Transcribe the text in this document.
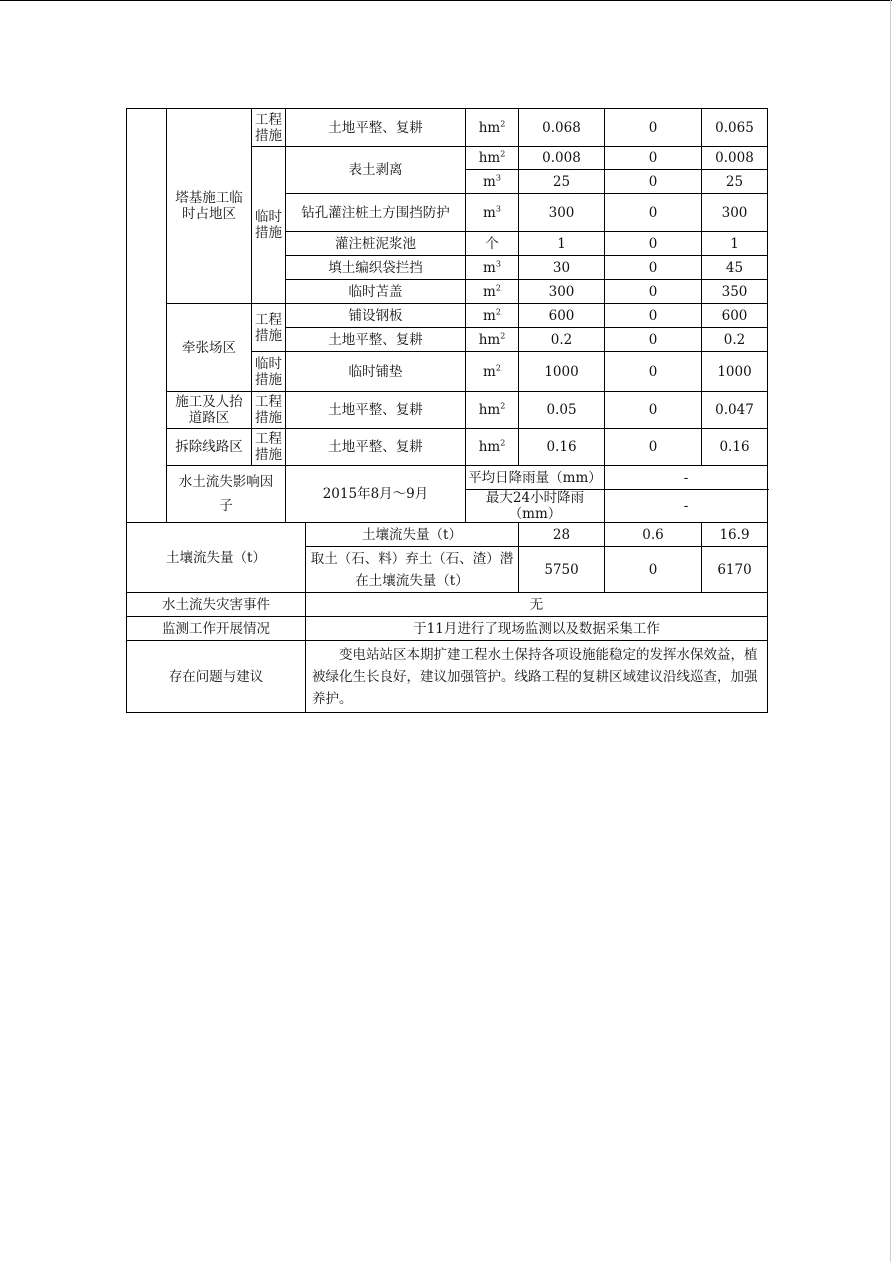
	塔基施工临时占地区	工程措施	土地平整、复耕		$hm^2$	0.068	0	0.065
		临时措施	表土剥离		$hm^2$	0.008	0	0.008
					$m^3$	25	0	25
			钻孔灌注桩土方围挡防护		$m^3$	300	0	300
			灌注桩泥浆池		个	1	0	1
			填土编织袋拦挡		$m^3$	30	0	45
			临时苫盖		$m^2$	300	0	350
	牵张场区	工程措施	铺设钢板		$m^2$	600	0	600
			土地平整、复耕		$hm^2$	0.2	0	0.2
		临时措施	临时铺垫		$m^2$	1000	0	1000
	施工及人抬道路区	工程措施	土地平整、复耕		$hm^2$	0.05	0	0.047
	拆除线路区	工程措施	土地平整、复耕		$hm^2$	0.16	0	0.16
	水土流失影响因子		2015年8月～9月		平均日降雨量（mm）		-	
					最大24小时降雨（mm）		-	
土壤流失量（t）				土壤流失量（t）		28	0.6	16.9
				取土（石、料）弃土（石、渣）潜在土壤流失量（t）		5750	0	6170
水土流失灾害事件				无				
监测工作开展情况				于11月进行了现场监测以及数据采集工作				
存在问题与建议				变电站站区本期扩建工程水土保持各项设施能稳定的发挥水保效益，植被绿化生长良好，建议加强管护。线路工程的复耕区域建议沿线巡查，加强养护。				
